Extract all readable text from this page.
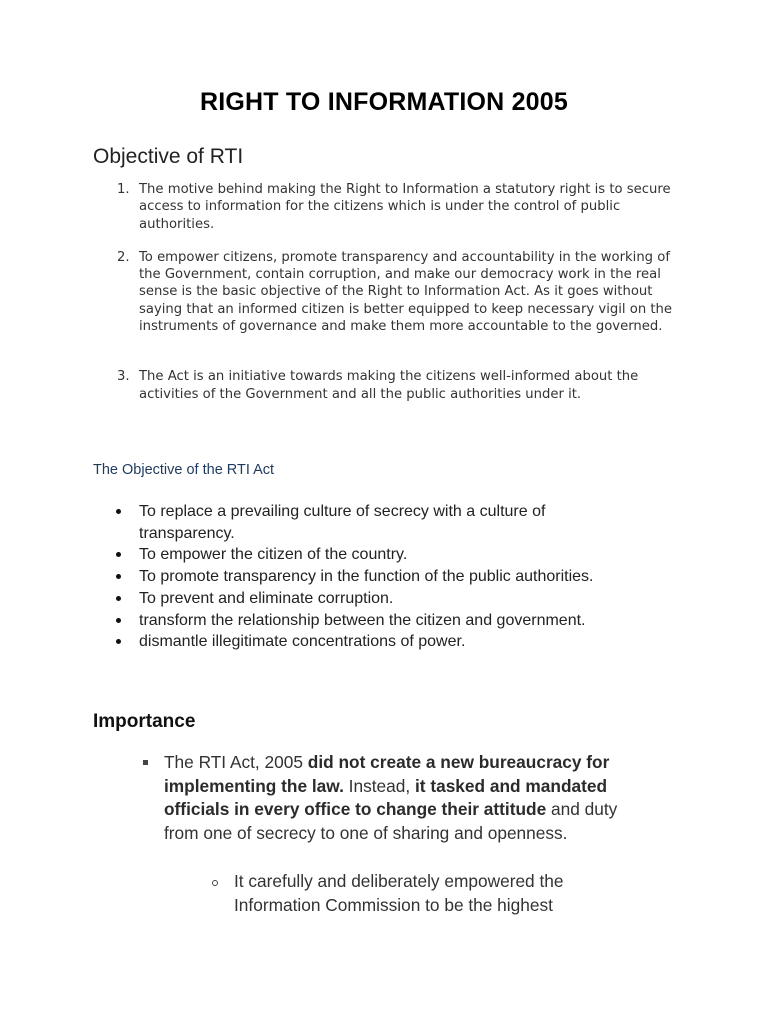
RIGHT TO INFORMATION 2005
Objective of RTI
1. The motive behind making the Right to Information a statutory right is to secure access to information for the citizens which is under the control of public authorities.
2. To empower citizens, promote transparency and accountability in the working of the Government, contain corruption, and make our democracy work in the real sense is the basic objective of the Right to Information Act. As it goes without saying that an informed citizen is better equipped to keep necessary vigil on the instruments of governance and make them more accountable to the governed.
3. The Act is an initiative towards making the citizens well-informed about the activities of the Government and all the public authorities under it.
The Objective of the RTI Act
To replace a prevailing culture of secrecy with a culture of transparency.
To empower the citizen of the country.
To promote transparency in the function of the public authorities.
To prevent and eliminate corruption.
transform the relationship between the citizen and government.
dismantle illegitimate concentrations of power.
Importance
The RTI Act, 2005 did not create a new bureaucracy for implementing the law. Instead, it tasked and mandated officials in every office to change their attitude and duty from one of secrecy to one of sharing and openness.
It carefully and deliberately empowered the Information Commission to be the highest
